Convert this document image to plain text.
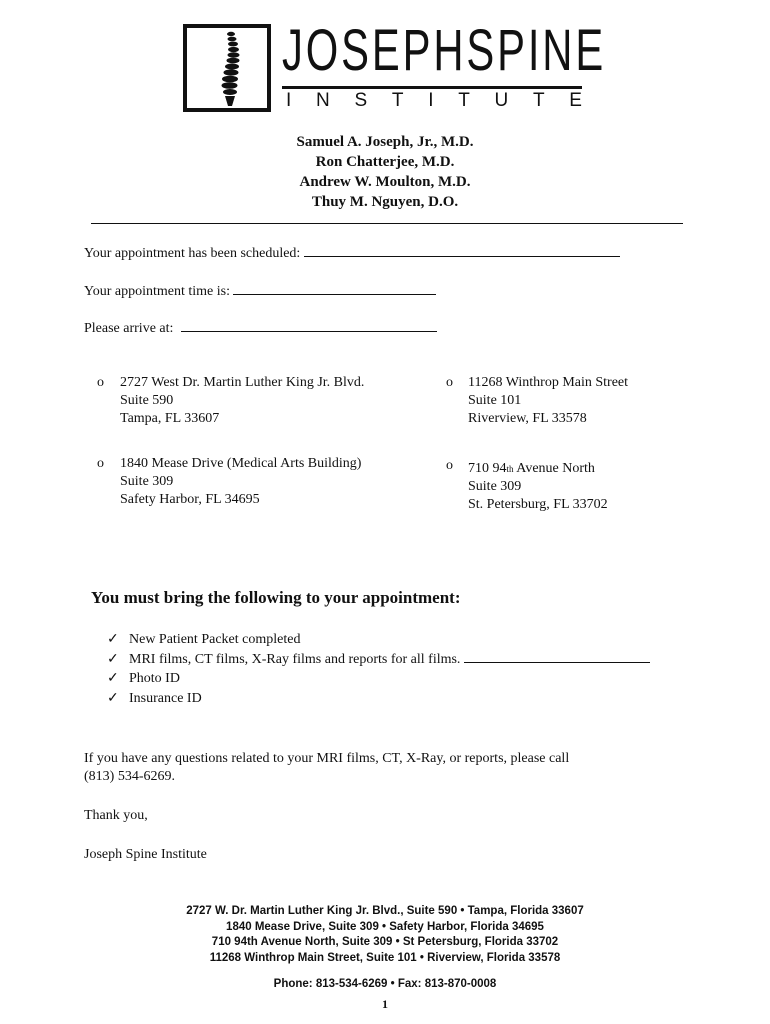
JOSEPHSPINE
I N S T I T U T E
Samuel A. Joseph, Jr., M.D.
Ron Chatterjee, M.D.
Andrew W. Moulton, M.D.
Thuy M. Nguyen, D.O.
Your appointment has been scheduled:
Your appointment time is:
Please arrive at:
o 2727 West Dr. Martin Luther King Jr. Blvd.
Suite 590
Tampa, FL 33607
o 11268 Winthrop Main Street
Suite 101
Riverview, FL 33578
o 1840 Mease Drive (Medical Arts Building)
Suite 309
Safety Harbor, FL 34695
o 710 94th Avenue North
Suite 309
St. Petersburg, FL 33702
You must bring the following to your appointment:
✓ New Patient Packet completed
✓ MRI films, CT films, X-Ray films and reports for all films.
✓ Photo ID
✓ Insurance ID
If you have any questions related to your MRI films, CT, X-Ray, or reports, please call
(813) 534-6269.
Thank you,
Joseph Spine Institute
2727 W. Dr. Martin Luther King Jr. Blvd., Suite 590 • Tampa, Florida 33607
1840 Mease Drive, Suite 309 • Safety Harbor, Florida 34695
710 94th Avenue North, Suite 309 • St Petersburg, Florida 33702
11268 Winthrop Main Street, Suite 101 • Riverview, Florida 33578
Phone: 813-534-6269 • Fax: 813-870-0008
1
